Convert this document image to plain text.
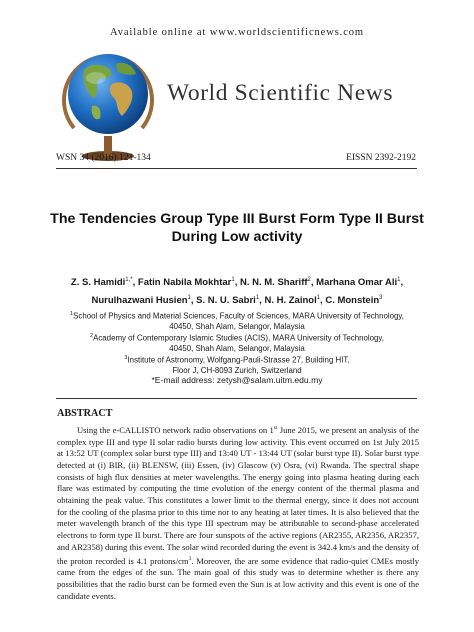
Available online at www.worldscientificnews.com
World Scientific News
WSN 34 (2016) 121-134	EISSN 2392-2192
The Tendencies Group Type III Burst Form Type II Burst During Low activity
Z. S. Hamidi$^{1,*}$, Fatin Nabila Mokhtar$^1$, N. N. M. Shariff$^2$, Marhana Omar Ali$^1$,
Nurulhazwani Husien$^1$, S. N. U. Sabri$^1$, N. H. Zainol$^1$, C. Monstein$^3$
$^1$School of Physics and Material Sciences, Faculty of Sciences, MARA University of Technology,
40450, Shah Alam, Selangor, Malaysia
$^2$Academy of Contemporary Islamic Studies (ACIS), MARA University of Technology,
40450, Shah Alam, Selangor, Malaysia
$^3$Institute of Astronomy, Wolfgang-Pauli-Strasse 27, Building HIT,
Floor J, CH-8093 Zurich, Switzerland
*E-mail address: zetysh@salam.uitm.edu.my
ABSTRACT

Using the e-CALLISTO network radio observations on 1st June 2015, we present an analysis of the complex type III and type II solar radio bursts during low activity. This event occurred on 1st July 2015 at 13:52 UT (complex solar burst type III) and 13:40 UT - 13:44 UT (solar burst type II). Solar burst type detected at (i) BIR, (ii) BLENSW, (iii) Essen, (iv) Glascow (v) Osra, (vi) Rwanda. The spectral shape consists of high flux densities at meter wavelengths. The energy going into plasma heating during each flare was estimated by computing the time evolution of the energy content of the thermal plasma and obtaining the peak value. This constitutes a lower limit to the thermal energy, since it does not account for the cooling of the plasma prior to this time nor to any heating at later times. It is also believed that the meter wavelength branch of the this type III spectrum may be attributable to second-phase accelerated electrons to form type II burst. There are four sunspots of the active regions (AR2355, AR2356, AR2357, and AR2358) during this event. The solar wind recorded during the event is 342.4 km/s and the density of the proton recorded is 4.1 protons/$cm^3$. Moreover, the are some evidence that radio-quiet CMEs mostly came from the edges of the sun. The main goal of this study was to determine whether is there any possibilities that the radio burst can be formed even the Sun is at low activity and this event is one of the candidate events.
